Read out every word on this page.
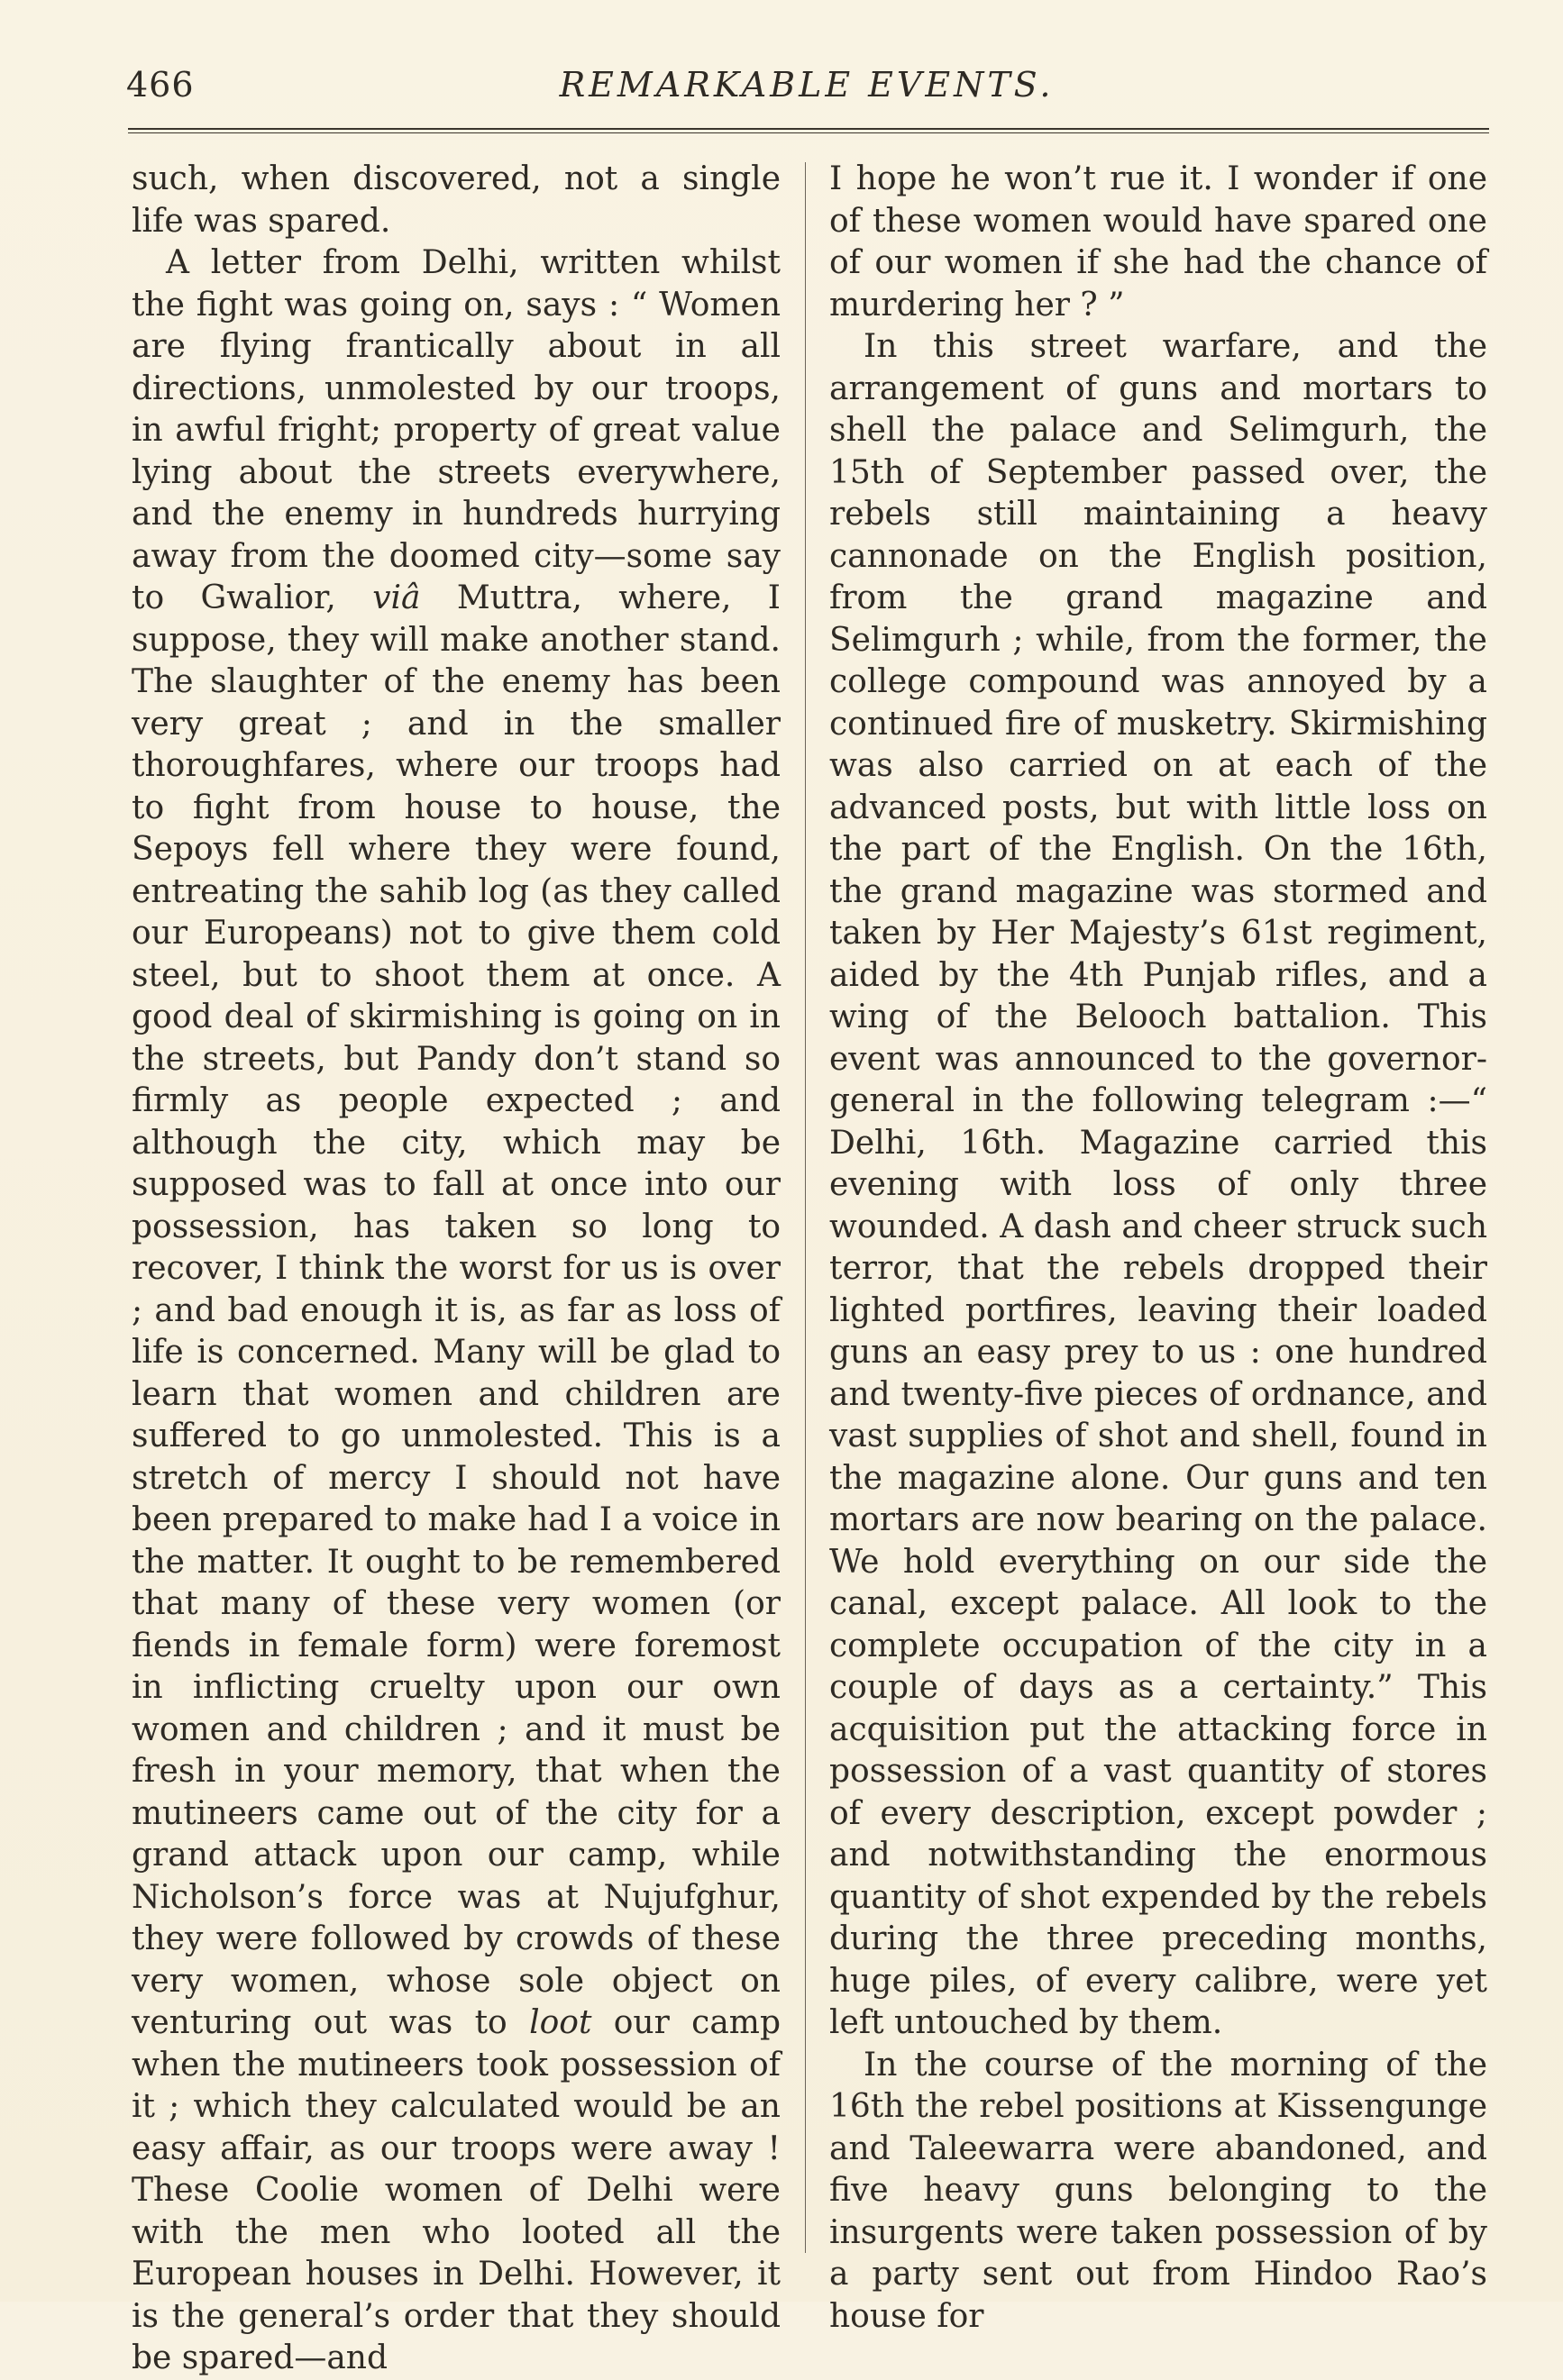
466	REMARKABLE EVENTS.

such, when discovered, not a single life was spared.

A letter from Delhi, written whilst the fight was going on, says : “ Women are flying frantically about in all directions, unmolested by our troops, in awful fright; property of great value lying about the streets everywhere, and the enemy in hundreds hurrying away from the doomed city—some say to Gwalior, viâ Muttra, where, I suppose, they will make another stand. The slaughter of the enemy has been very great ; and in the smaller thoroughfares, where our troops had to fight from house to house, the Sepoys fell where they were found, entreating the sahib log (as they called our Europeans) not to give them cold steel, but to shoot them at once. A good deal of skirmishing is going on in the streets, but Pandy don’t stand so firmly as people expected ; and although the city, which may be supposed was to fall at once into our possession, has taken so long to recover, I think the worst for us is over ; and bad enough it is, as far as loss of life is concerned. Many will be glad to learn that women and children are suffered to go unmolested. This is a stretch of mercy I should not have been prepared to make had I a voice in the matter. It ought to be remembered that many of these very women (or fiends in female form) were foremost in inflicting cruelty upon our own women and children ; and it must be fresh in your memory, that when the mutineers came out of the city for a grand attack upon our camp, while Nicholson’s force was at Nujufghur, they were followed by crowds of these very women, whose sole object on venturing out was to loot our camp when the mutineers took possession of it ; which they calculated would be an easy affair, as our troops were away ! These Coolie women of Delhi were with the men who looted all the European houses in Delhi. However, it is the general’s order that they should be spared—and

I hope he won’t rue it. I wonder if one of these women would have spared one of our women if she had the chance of murdering her ? ”

In this street warfare, and the arrangement of guns and mortars to shell the palace and Selimgurh, the 15th of September passed over, the rebels still maintaining a heavy cannonade on the English position, from the grand magazine and Selimgurh ; while, from the former, the college compound was annoyed by a continued fire of musketry. Skirmishing was also carried on at each of the advanced posts, but with little loss on the part of the English. On the 16th, the grand magazine was stormed and taken by Her Majesty’s 61st regiment, aided by the 4th Punjab rifles, and a wing of the Belooch battalion. This event was announced to the governor-general in the following telegram :—“ Delhi, 16th. Magazine carried this evening with loss of only three wounded. A dash and cheer struck such terror, that the rebels dropped their lighted portfires, leaving their loaded guns an easy prey to us : one hundred and twenty-five pieces of ordnance, and vast supplies of shot and shell, found in the magazine alone. Our guns and ten mortars are now bearing on the palace. We hold everything on our side the canal, except palace. All look to the complete occupation of the city in a couple of days as a certainty.” This acquisition put the attacking force in possession of a vast quantity of stores of every description, except powder ; and notwithstanding the enormous quantity of shot expended by the rebels during the three preceding months, huge piles, of every calibre, were yet left untouched by them.

In the course of the morning of the 16th the rebel positions at Kissengunge and Taleewarra were abandoned, and five heavy guns belonging to the insurgents were taken possession of by a party sent out from Hindoo Rao’s house for
